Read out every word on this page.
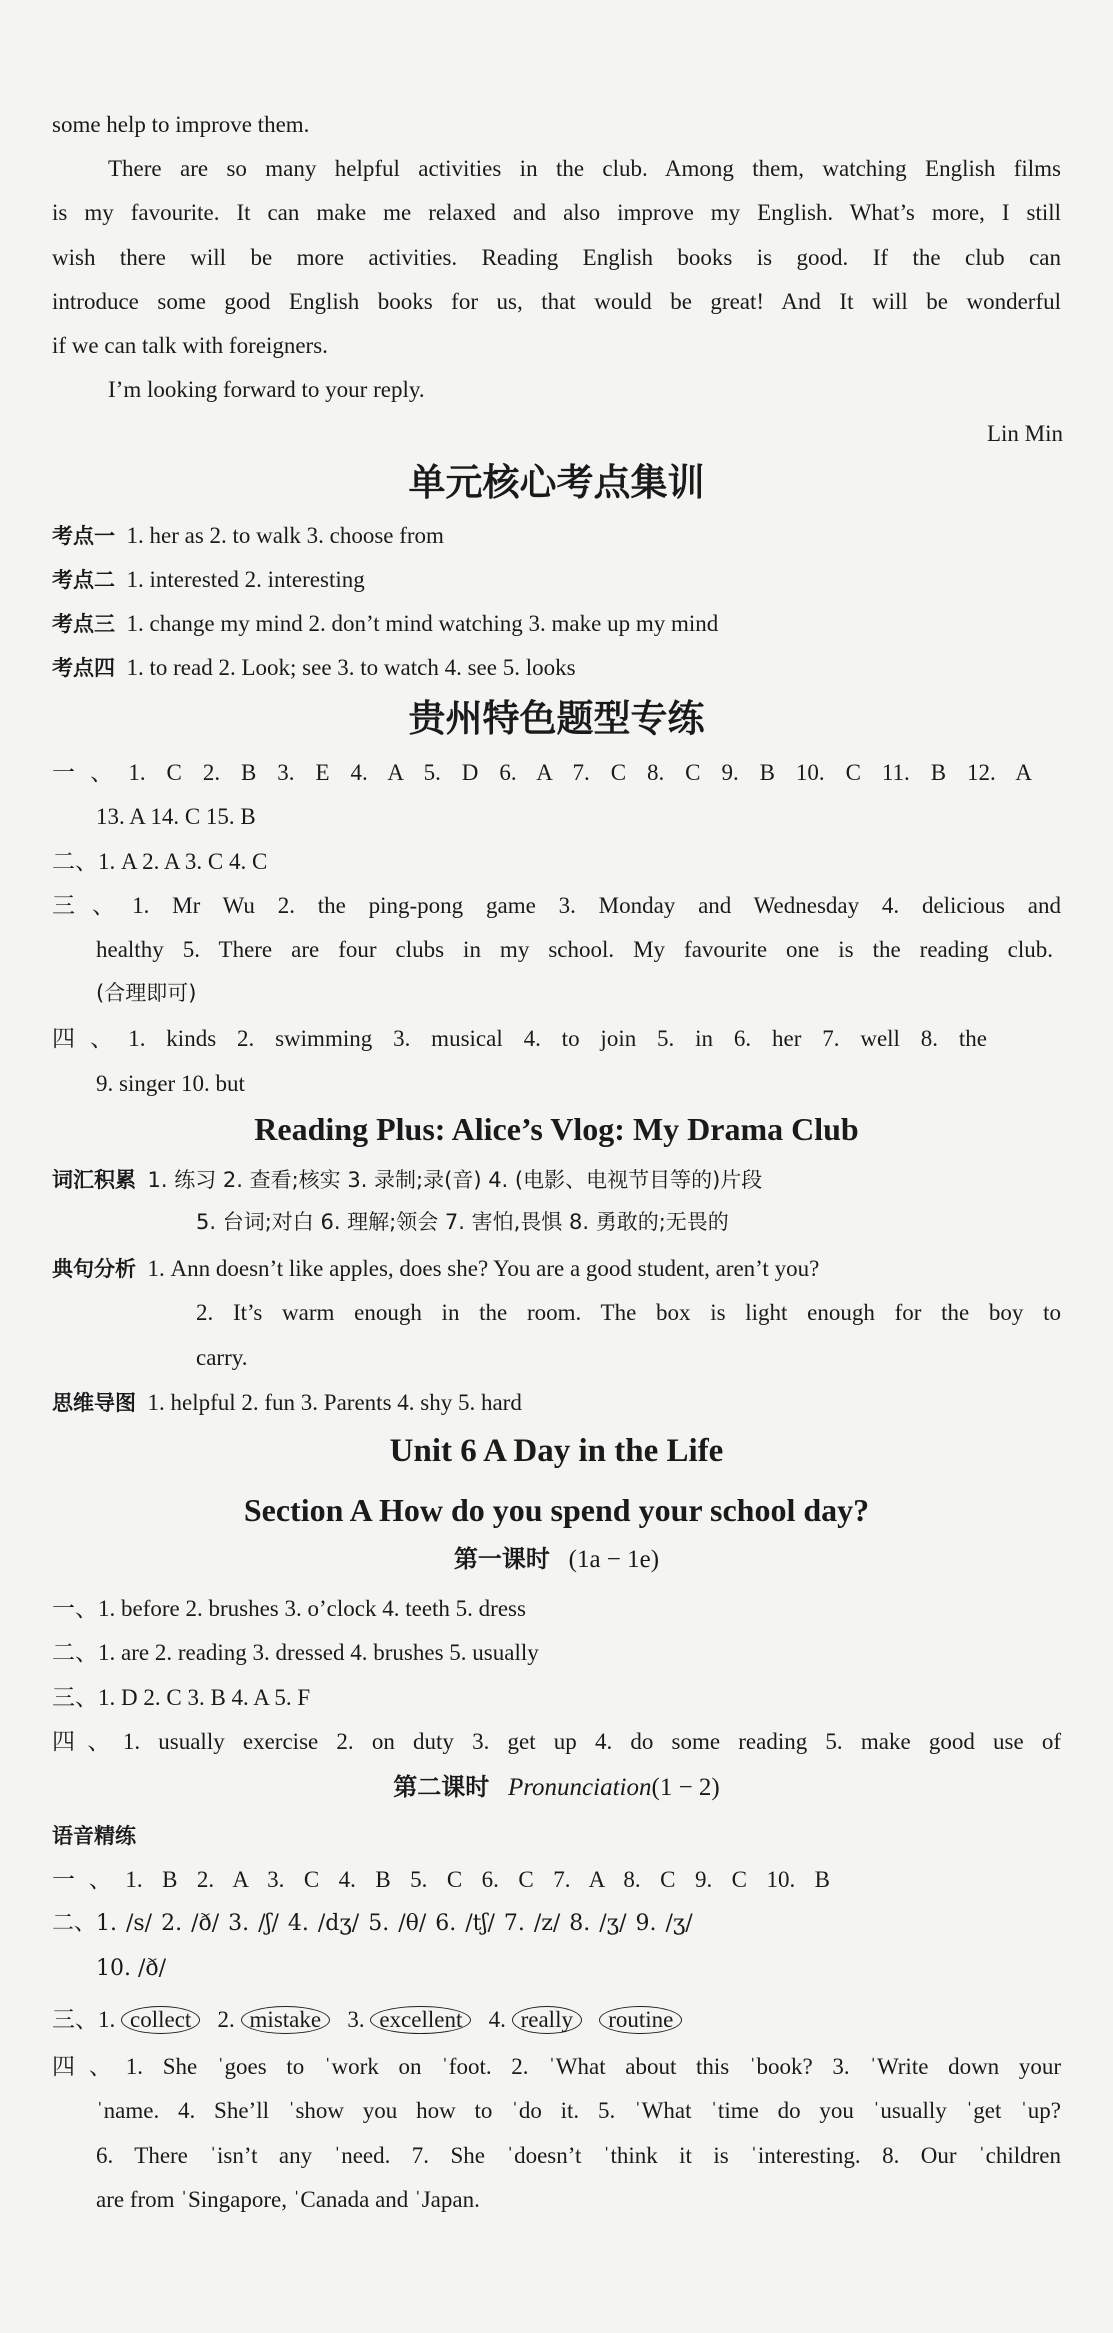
some help to improve them.
There are so many helpful activities in the club. Among them, watching English films
is my favourite. It can make me relaxed and also improve my English. What’s more, I still
wish there will be more activities. Reading English books is good. If the club can
introduce some good English books for us, that would be great! And It will be wonderful
if we can talk with foreigners.
I’m looking forward to your reply.
Lin Min
单元核心考点集训
考点一 1. her as 2. to walk 3. choose from
考点二 1. interested 2. interesting
考点三 1. change my mind 2. don’t mind watching 3. make up my mind
考点四 1. to read 2. Look; see 3. to watch 4. see 5. looks
贵州特色题型专练
一、1. C 2. B 3. E 4. A 5. D 6. A 7. C 8. C 9. B 10. C 11. B 12. A
13. A 14. C 15. B
二、1. A 2. A 3. C 4. C
三、1. Mr Wu 2. the ping-pong game 3. Monday and Wednesday 4. delicious and
healthy 5. There are four clubs in my school. My favourite one is the reading club.
(合理即可)
四、1. kinds 2. swimming 3. musical 4. to join 5. in 6. her 7. well 8. the
9. singer 10. but
Reading Plus: Alice’s Vlog: My Drama Club
词汇积累 1. 练习 2. 查看;核实 3. 录制;录(音) 4. (电影、电视节目等的)片段
5. 台词;对白 6. 理解;领会 7. 害怕,畏惧 8. 勇敢的;无畏的
典句分析 1. Ann doesn’t like apples, does she? You are a good student, aren’t you?
2. It’s warm enough in the room. The box is light enough for the boy to
carry.
思维导图 1. helpful 2. fun 3. Parents 4. shy 5. hard
Unit 6 A Day in the Life
Section A How do you spend your school day?
第一课时 (1a − 1e)
一、1. before 2. brushes 3. o’clock 4. teeth 5. dress
二、1. are 2. reading 3. dressed 4. brushes 5. usually
三、1. D 2. C 3. B 4. A 5. F
四、1. usually exercise 2. on duty 3. get up 4. do some reading 5. make good use of
第二课时 Pronunciation(1 − 2)
语音精练
一、1. B 2. A 3. C 4. B 5. C 6. C 7. A 8. C 9. C 10. B
二、1. /s/ 2. /ð/ 3. /ʃ/ 4. /dʒ/ 5. /θ/ 6. /tʃ/ 7. /z/ 8. /ʒ/ 9. /ʒ/
10. /ð/
三、1. collect 2. mistake 3. excellent 4. really routine
四、1. She ˈgoes to ˈwork on ˈfoot. 2. ˈWhat about this ˈbook? 3. ˈWrite down your
ˈname. 4. She’ll ˈshow you how to ˈdo it. 5. ˈWhat ˈtime do you ˈusually ˈget ˈup?
6. There ˈisn’t any ˈneed. 7. She ˈdoesn’t ˈthink it is ˈinteresting. 8. Our ˈchildren
are from ˈSingapore, ˈCanada and ˈJapan.
